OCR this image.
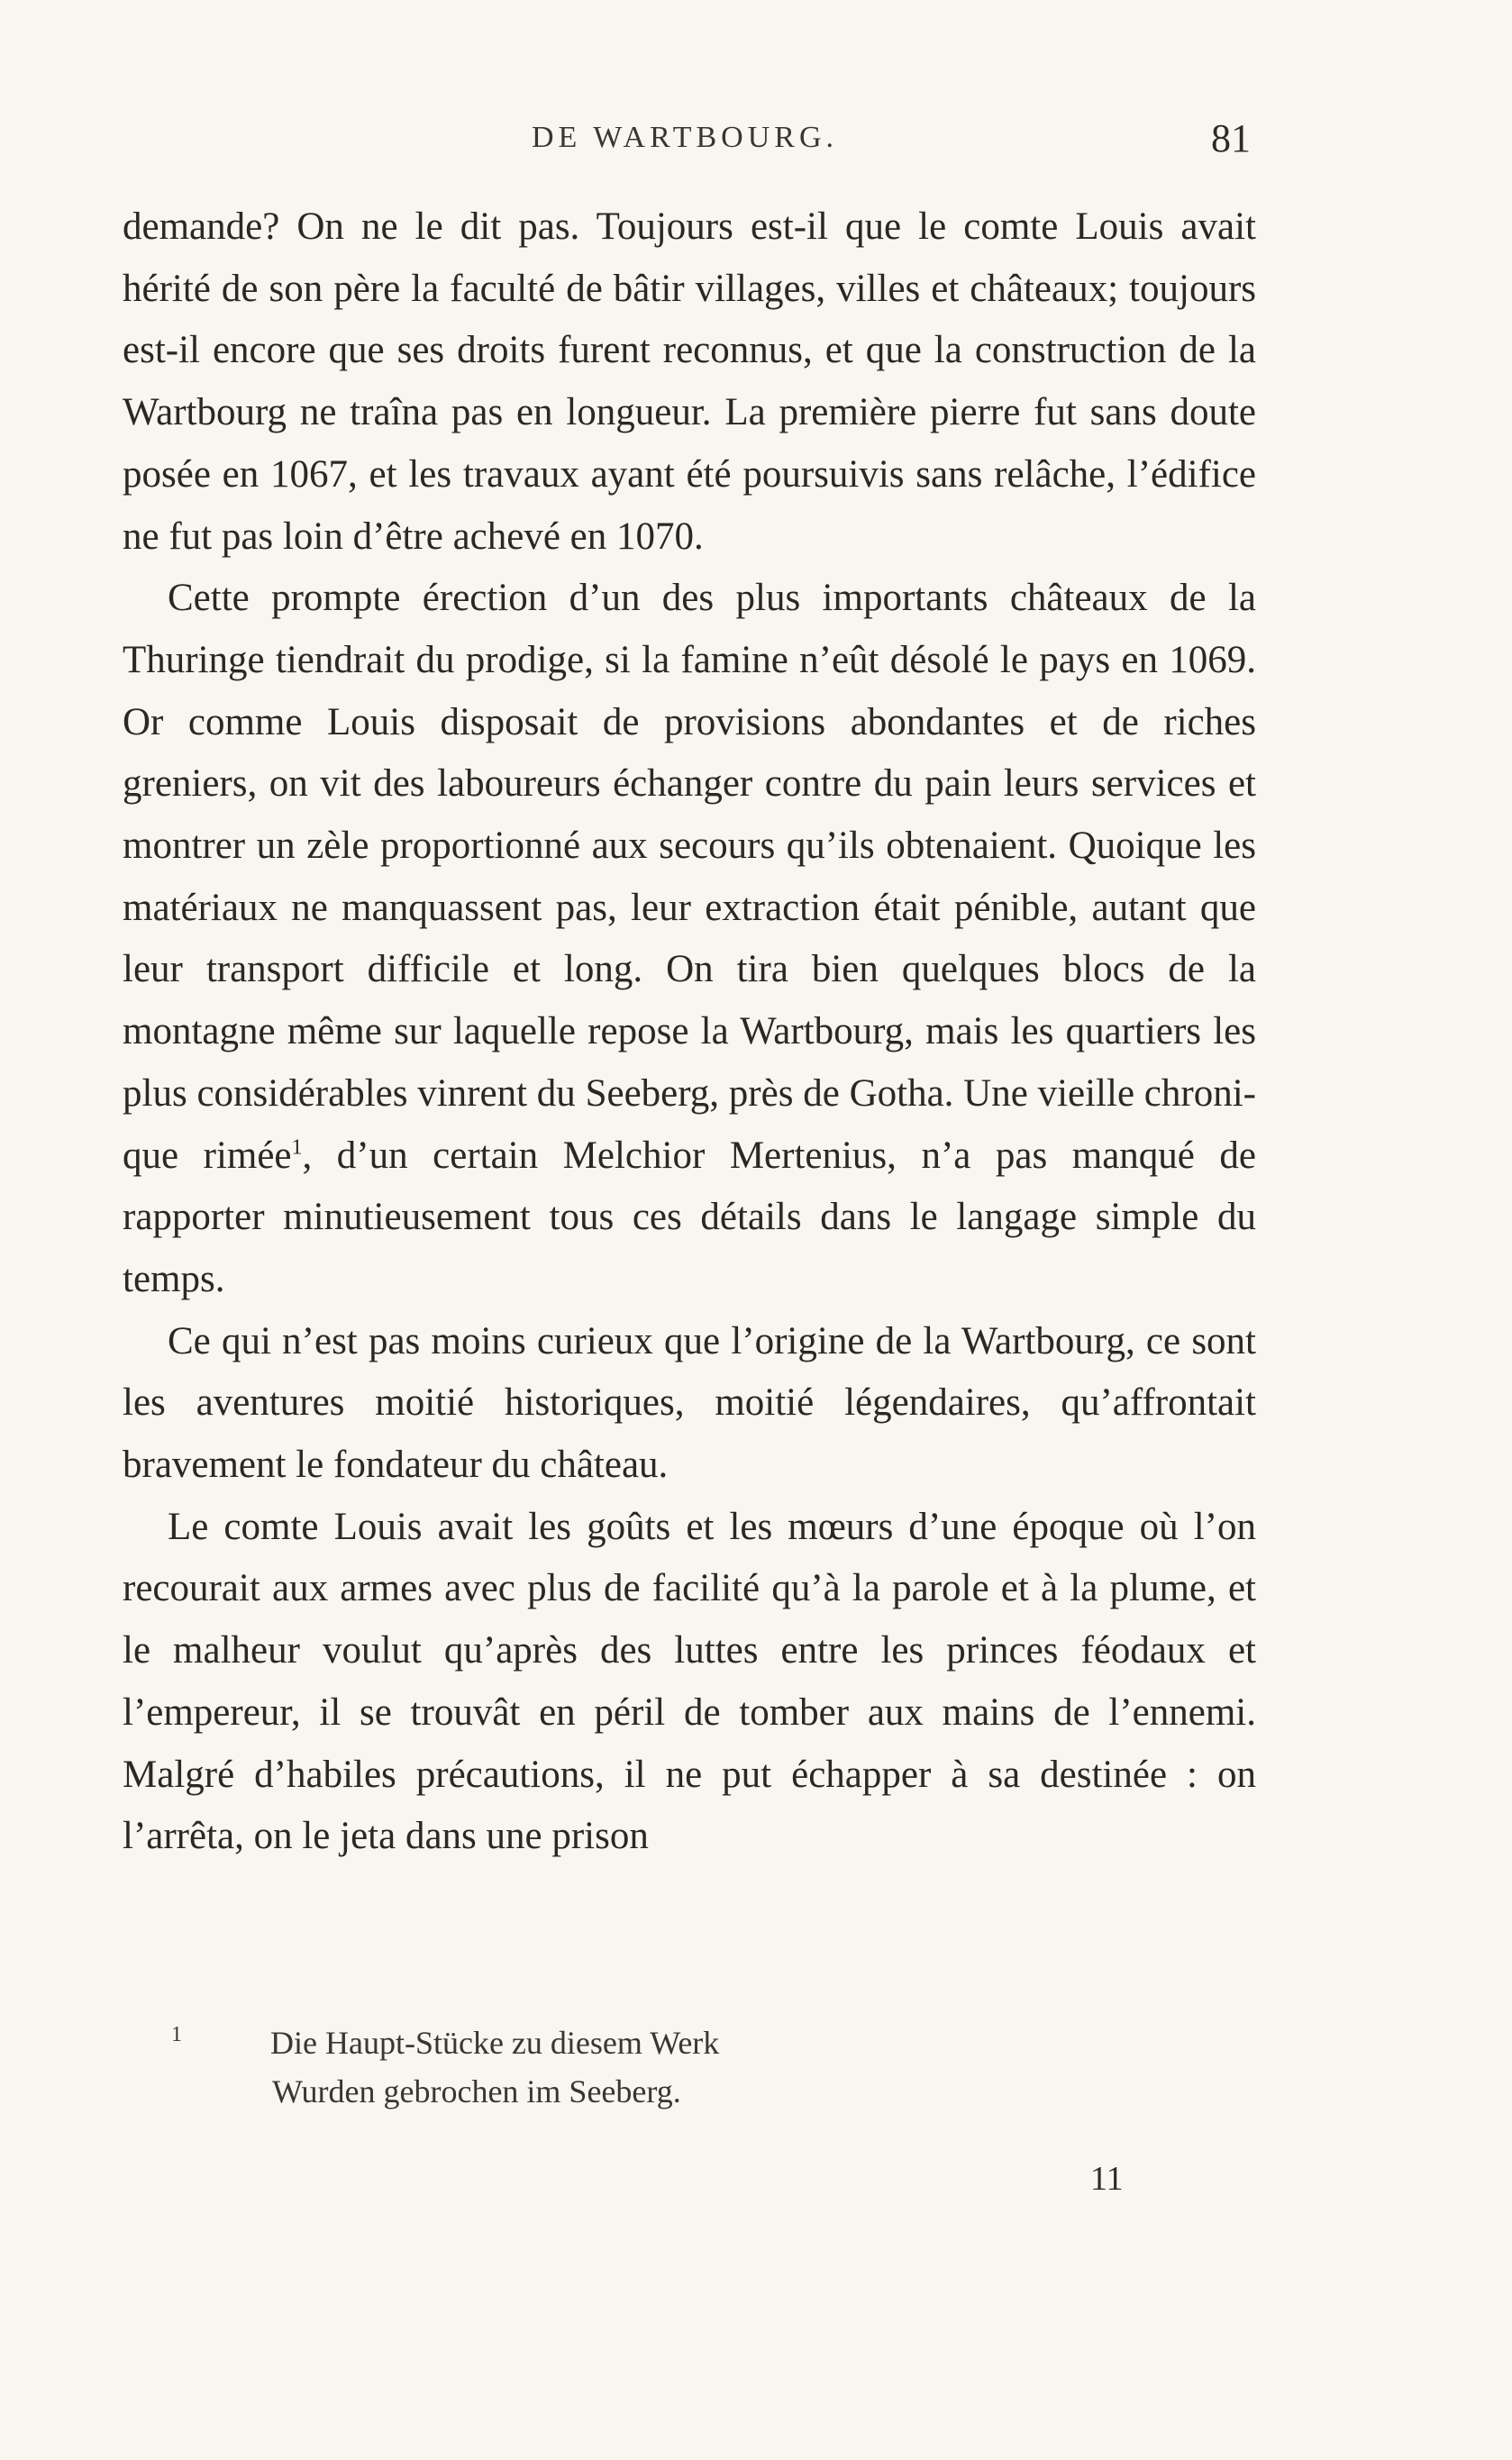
DE WARTBOURG.	81

demande? On ne le dit pas. Toujours est-il que le comte Louis avait hérité de son père la faculté de bâtir villages, villes et châteaux; toujours est-il encore que ses droits furent reconnus, et que la construction de la Wartbourg ne traîna pas en longueur. La première pierre fut sans doute posée en 1067, et les travaux ayant été poursuivis sans relâche, l’édifice ne fut pas loin d’être achevé en 1070.

Cette prompte érection d’un des plus importants châteaux de la Thuringe tiendrait du prodige, si la famine n’eût désolé le pays en 1069. Or comme Louis disposait de provisions abondantes et de riches greniers, on vit des laboureurs échanger contre du pain leurs services et montrer un zèle proportionné aux secours qu’ils obtenaient. Quoique les matériaux ne manquassent pas, leur extraction était pénible, autant que leur transport difficile et long. On tira bien quelques blocs de la montagne même sur laquelle repose la Wartbourg, mais les quartiers les plus considérables vinrent du Seeberg, près de Gotha. Une vieille chronique rimée$^1$, d’un certain Melchior Mertenius, n’a pas manqué de rapporter minutieusement tous ces détails dans le langage simple du temps.

Ce qui n’est pas moins curieux que l’origine de la Wartbourg, ce sont les aventures moitié historiques, moitié légendaires, qu’affrontait bravement le fondateur du château.

Le comte Louis avait les goûts et les mœurs d’une époque où l’on recourait aux armes avec plus de facilité qu’à la parole et à la plume, et le malheur voulut qu’après des luttes entre les princes féodaux et l’empereur, il se trouvât en péril de tomber aux mains de l’ennemi. Malgré d’habiles précautions, il ne put échapper à sa destinée : on l’arrêta, on le jeta dans une prison

1	Die Haupt-Stücke zu diesem Werk
Wurden gebrochen im Seeberg.
11
